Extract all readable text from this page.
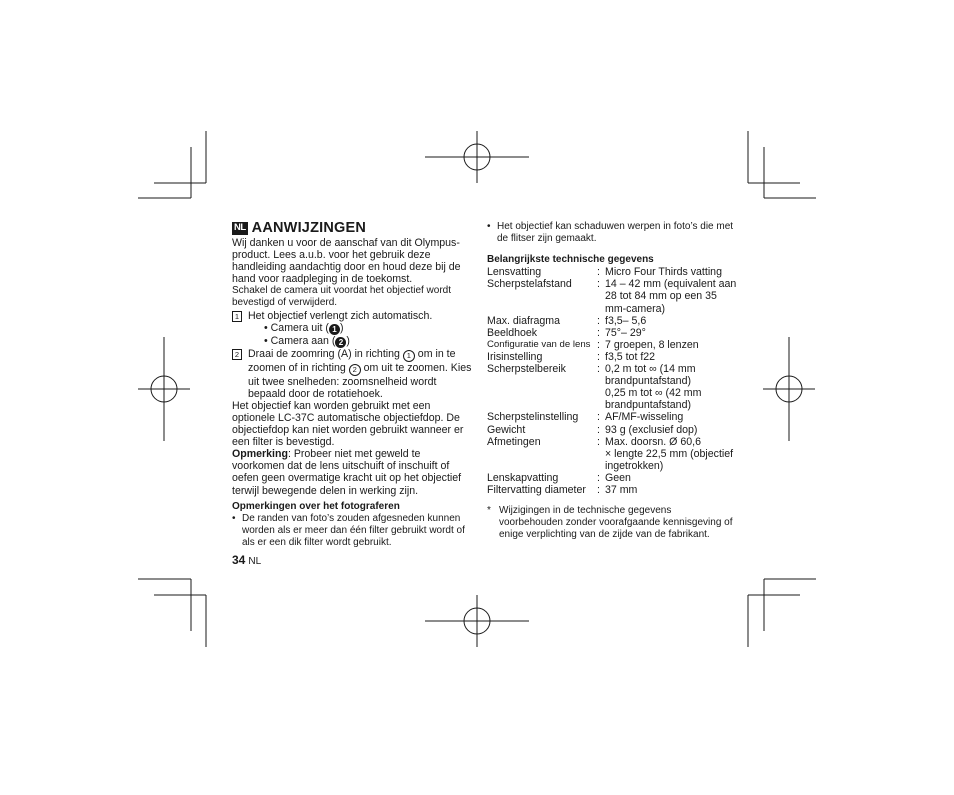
NL AANWIJZINGEN

Wij danken u voor de aanschaf van dit Olympus-product. Lees a.u.b. voor het gebruik deze handleiding aandachtig door en houd deze bij de hand voor raadpleging in de toekomst.

Schakel de camera uit voordat het objectief wordt bevestigd of verwijderd.

1 Het objectief verlengt zich automatisch.

• Camera uit ( 1 )

• Camera aan ( 2 )

2 Draai de zoomring (A) in richting 1 om in te zoomen of in richting 2 om uit te zoomen. Kies uit twee snelheden: zoomsnelheid wordt bepaald door de rotatiehoek.

Het objectief kan worden gebruikt met een optionele LC-37C automatische objectiefdop. De objectiefdop kan niet worden gebruikt wanneer er een filter is bevestigd.

Opmerking: Probeer niet met geweld te voorkomen dat de lens uitschuift of inschuift of oefen geen overmatige kracht uit op het objectief terwijl bewegende delen in werking zijn.

Opmerkingen over het fotograferen

• De randen van foto’s zouden afgesneden kunnen worden als er meer dan één filter gebruikt wordt of als er een dik filter wordt gebruikt.
34 NL
• Het objectief kan schaduwen werpen in foto’s die met de flitser zijn gemaakt.

Belangrijkste technische gegevens

Lensvatting	: Micro Four Thirds vatting
Scherpstelafstand	: 14 – 42 mm (equivalent aan 28 tot 84 mm op een 35 mm-camera)
Max. diafragma	: f3,5– 5,6
Beeldhoek	: 75°– 29°
Configuratie van de lens : 7 groepen, 8 lenzen
Irisinstelling	: f3,5 tot f22
Scherpstelbereik	: 0,2 m tot ∞ (14 mm brandpuntafstand)
0,25 m tot ∞ (42 mm brandpuntafstand)
Scherpstelinstelling	: AF/MF-wisseling
Gewicht	: 93 g (exclusief dop)
Afmetingen	: Max. doorsn. Ø 60,6
× lengte 22,5 mm (objectief ingetrokken)
Lenskapvatting	: Geen
Filtervatting diameter	: 37 mm
* Wijzigingen in de technische gegevens voorbehouden zonder voorafgaande kennisgeving of enige verplichting van de zijde van de fabrikant.
